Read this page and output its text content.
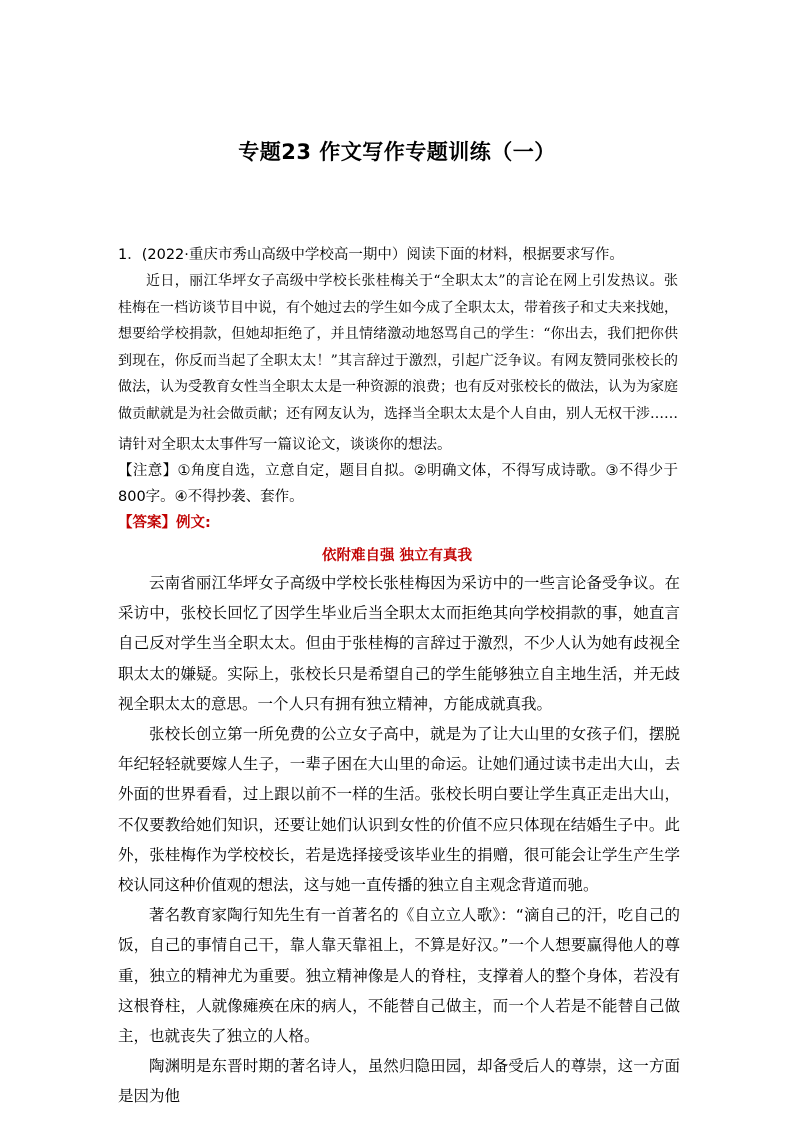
专题23 作文写作专题训练（一）
1．(2022·重庆市秀山高级中学校高一期中）阅读下面的材料，根据要求写作。
近日，丽江华坪女子高级中学校长张桂梅关于“全职太太”的言论在网上引发热议。张桂梅在一档访谈节目中说，有个她过去的学生如今成了全职太太，带着孩子和丈夫来找她，想要给学校捐款，但她却拒绝了，并且情绪激动地怒骂自己的学生：“你出去，我们把你供到现在，你反而当起了全职太太！”其言辞过于激烈，引起广泛争议。有网友赞同张校长的做法，认为受教育女性当全职太太是一种资源的浪费；也有反对张校长的做法，认为为家庭做贡献就是为社会做贡献；还有网友认为，选择当全职太太是个人自由，别人无权干涉……
请针对全职太太事件写一篇议论文，谈谈你的想法。
【注意】①角度自选，立意自定，题目自拟。②明确文体，不得写成诗歌。③不得少于 800字。④不得抄袭、套作。
【答案】例文:
依附难自强 独立有真我

云南省丽江华坪女子高级中学校长张桂梅因为采访中的一些言论备受争议。在采访中，张校长回忆了因学生毕业后当全职太太而拒绝其向学校捐款的事，她直言自己反对学生当全职太太。但由于张桂梅的言辞过于激烈，不少人认为她有歧视全职太太的嫌疑。实际上，张校长只是希望自己的学生能够独立自主地生活，并无歧视全职太太的意思。一个人只有拥有独立精神，方能成就真我。

张校长创立第一所免费的公立女子高中，就是为了让大山里的女孩子们，摆脱年纪轻轻就要嫁人生子，一辈子困在大山里的命运。让她们通过读书走出大山，去外面的世界看看，过上跟以前不一样的生活。张校长明白要让学生真正走出大山，不仅要教给她们知识，还要让她们认识到女性的价值不应只体现在结婚生子中。此外，张桂梅作为学校校长，若是选择接受该毕业生的捐赠，很可能会让学生产生学校认同这种价值观的想法，这与她一直传播的独立自主观念背道而驰。

著名教育家陶行知先生有一首著名的《自立立人歌》：“滴自己的汗，吃自己的饭，自己的事情自己干，靠人靠天靠祖上，不算是好汉。”一个人想要赢得他人的尊重，独立的精神尤为重要。独立精神像是人的脊柱，支撑着人的整个身体，若没有这根脊柱，人就像瘫痪在床的病人，不能替自己做主，而一个人若是不能替自己做主，也就丧失了独立的人格。

陶渊明是东晋时期的著名诗人，虽然归隐田园，却备受后人的尊崇，这一方面是因为他
